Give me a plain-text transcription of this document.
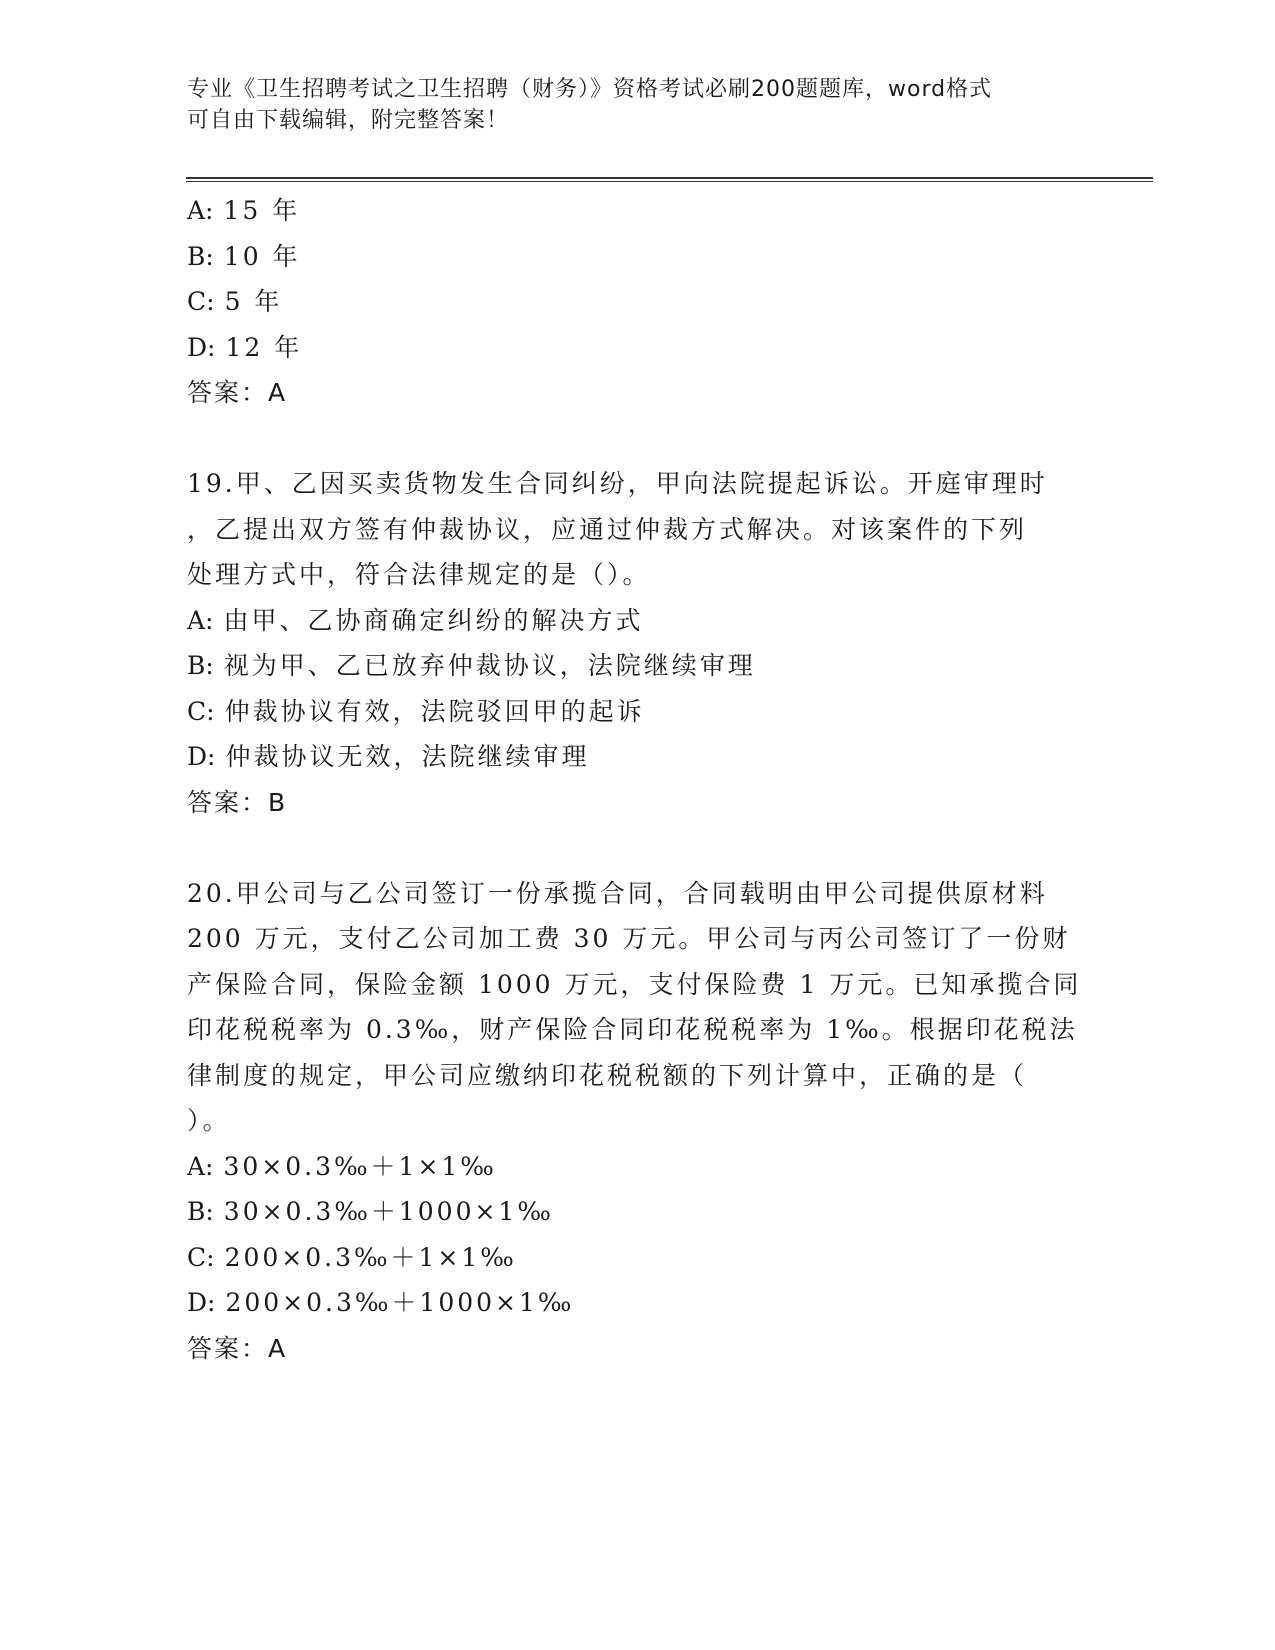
专业《卫生招聘考试之卫生招聘（财务）》资格考试必刷200题题库，word格式
可自由下载编辑，附完整答案！
A: 15 年
B: 10 年
C: 5 年
D: 12 年
答案：A
19.甲、乙因买卖货物发生合同纠纷，甲向法院提起诉讼。开庭审理时
，乙提出双方签有仲裁协议，应通过仲裁方式解决。对该案件的下列
处理方式中，符合法律规定的是（）。
A: 由甲、乙协商确定纠纷的解决方式
B: 视为甲、乙已放弃仲裁协议，法院继续审理
C: 仲裁协议有效，法院驳回甲的起诉
D: 仲裁协议无效，法院继续审理
答案：B
20.甲公司与乙公司签订一份承揽合同，合同载明由甲公司提供原材料
200 万元，支付乙公司加工费 30 万元。甲公司与丙公司签订了一份财
产保险合同，保险金额 1000 万元，支付保险费 1 万元。已知承揽合同
印花税税率为 0.3‰，财产保险合同印花税税率为 1‰。根据印花税法
律制度的规定，甲公司应缴纳印花税税额的下列计算中，正确的是（
）。
A: 30×0.3‰＋1×1‰
B: 30×0.3‰＋1000×1‰
C: 200×0.3‰＋1×1‰
D: 200×0.3‰＋1000×1‰
答案：A
